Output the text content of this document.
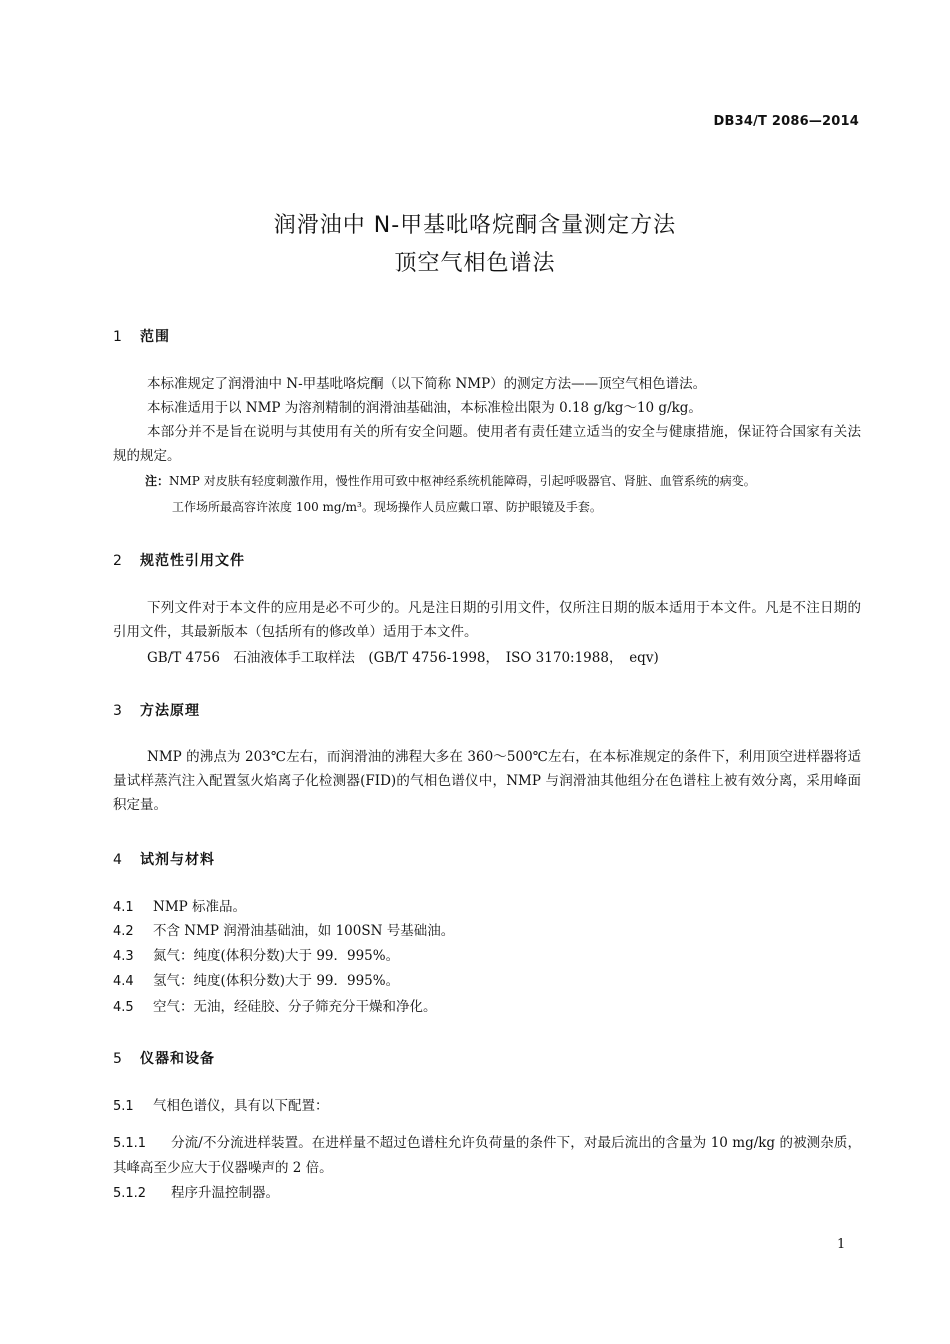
DB34/T 2086—2014
润滑油中 N-甲基吡咯烷酮含量测定方法
顶空气相色谱法
1 范围
本标准规定了润滑油中 N-甲基吡咯烷酮（以下简称 NMP）的测定方法——顶空气相色谱法。
本标准适用于以 NMP 为溶剂精制的润滑油基础油，本标准检出限为 0.18 g/kg～10 g/kg。
本部分并不是旨在说明与其使用有关的所有安全问题。使用者有责任建立适当的安全与健康措施，保证符合国家有关法规的规定。
注：NMP 对皮肤有轻度刺激作用，慢性作用可致中枢神经系统机能障碍，引起呼吸器官、肾脏、血管系统的病变。
工作场所最高容许浓度 100 mg/m³。现场操作人员应戴口罩、防护眼镜及手套。
2 规范性引用文件
下列文件对于本文件的应用是必不可少的。凡是注日期的引用文件，仅所注日期的版本适用于本文件。凡是不注日期的引用文件，其最新版本（包括所有的修改单）适用于本文件。
GB/T 4756　石油液体手工取样法　(GB/T 4756-1998，　ISO 3170:1988，　eqv)
3 方法原理
NMP 的沸点为 203℃左右，而润滑油的沸程大多在 360～500℃左右，在本标准规定的条件下，利用顶空进样器将适量试样蒸汽注入配置氢火焰离子化检测器(FID)的气相色谱仪中，NMP 与润滑油其他组分在色谱柱上被有效分离，采用峰面积定量。
4 试剂与材料
4.1 NMP 标准品。
4.2 不含 NMP 润滑油基础油，如 100SN 号基础油。
4.3 氮气：纯度(体积分数)大于 99．995%。
4.4 氢气：纯度(体积分数)大于 99．995%。
4.5 空气：无油，经硅胶、分子筛充分干燥和净化。
5 仪器和设备
5.1 气相色谱仪，具有以下配置：
5.1.1 分流/不分流进样装置。在进样量不超过色谱柱允许负荷量的条件下，对最后流出的含量为 10 mg/kg 的被测杂质，其峰高至少应大于仪器噪声的 2 倍。
5.1.2 程序升温控制器。
1
